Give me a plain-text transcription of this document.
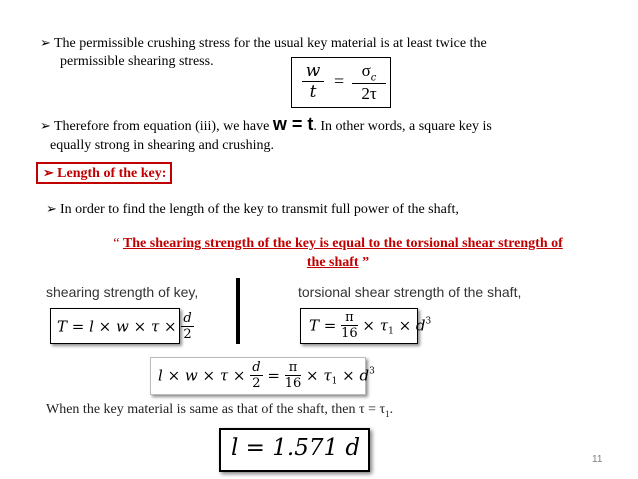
➢ The permissible crushing stress for the usual key material is at least twice the
permissible shearing stress.	$\frac{w}{t} = \frac{\sigma_c}{2\tau}$
➢ Therefore from equation (iii), we have w = t. In other words, a square key is
equally strong in shearing and crushing.
➢ Length of the key:
➢ In order to find the length of the key to transmit full power of the shaft,
“ The shearing strength of the key is equal to the torsional shear strength of
the shaft ”
shearing strength of key,	torsional shear strength of the shaft,
$T = l \times w \times \tau \times \frac{d}{2}$	$T = \frac{\pi}{16} \times \tau_1 \times d^3$
$l \times w \times \tau \times \frac{d}{2} = \frac{\pi}{16} \times \tau_1 \times d^3$
When the key material is same as that of the shaft, then $\tau = \tau_1$.
l = 1.571 d	11
